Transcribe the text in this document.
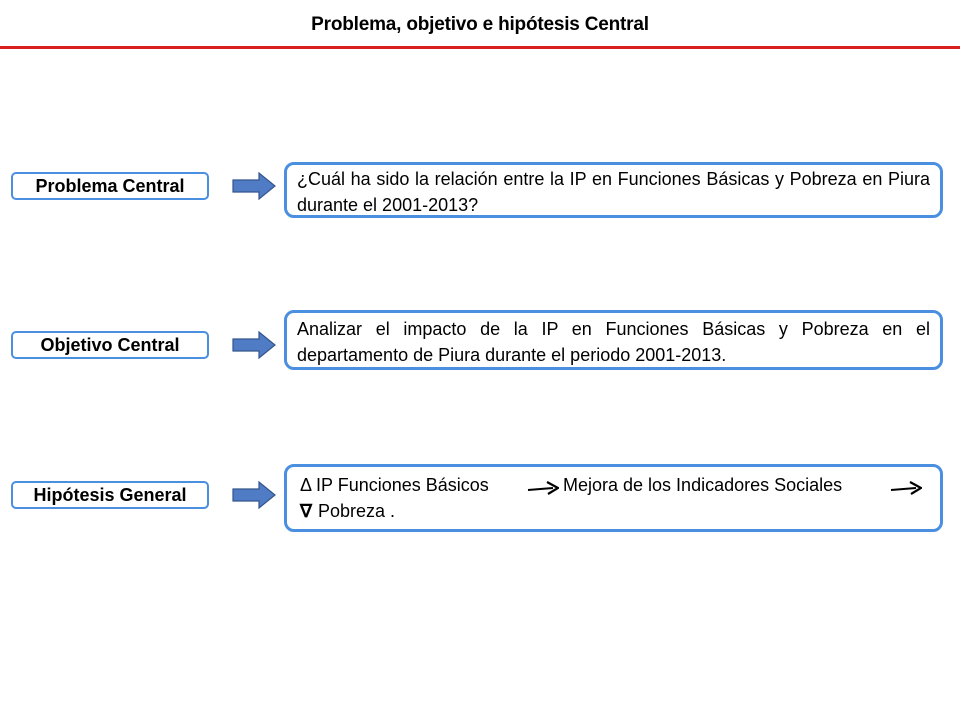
Problema, objetivo e hipótesis Central
Problema Central	¿Cuál ha sido la relación entre la IP en Funciones Básicas y Pobreza en Piura durante el 2001-2013?
Objetivo Central
Analizar el impacto de la IP en Funciones Básicas y Pobreza en el departamento de Piura durante el periodo 2001-2013.
Hipótesis General	Δ IP Funciones Básicos	Mejora de los Indicadores Sociales
∇ Pobreza .
